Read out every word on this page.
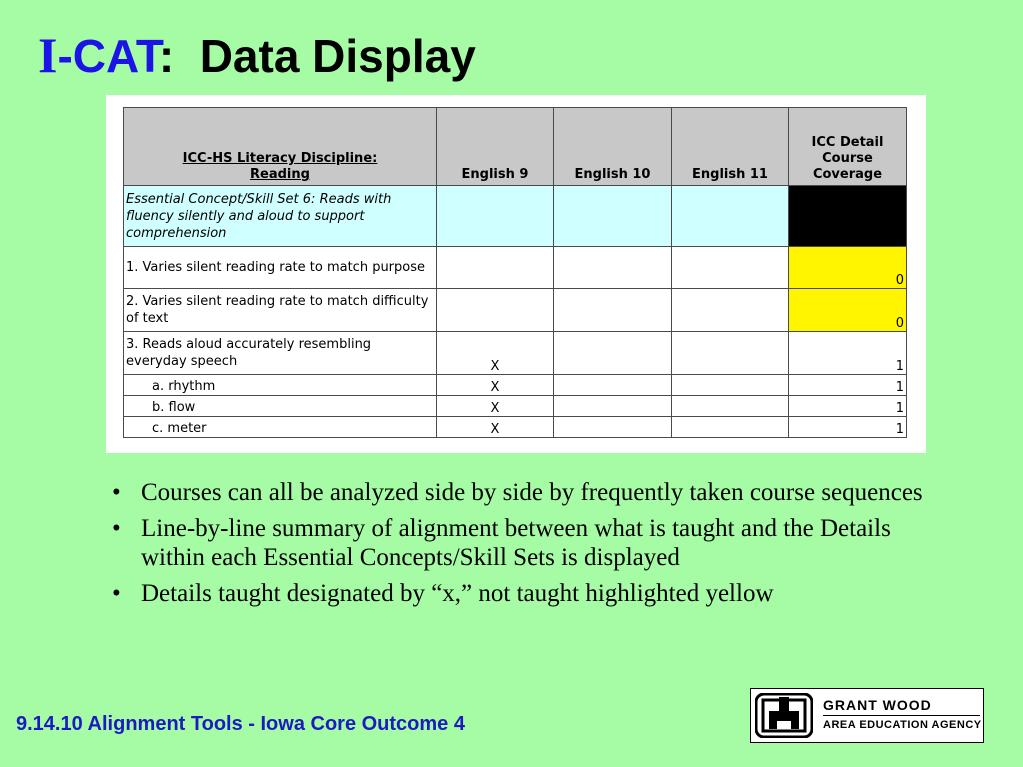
I-CAT:  Data Display
ICC-HS Literacy Discipline:
Reading	English 9	English 10	English 11	ICC Detail
Course
Coverage
Essential Concept/Skill Set 6: Reads with fluency silently and aloud to support comprehension				
1. Varies silent reading rate to match purpose				0
2. Varies silent reading rate to match difficulty of text				0
3. Reads aloud accurately resembling everyday speech	X			1
a. rhythm	X			1
b. flow	X			1
c. meter	X			1
• Courses can all be analyzed side by side by frequently taken course sequences
• Line-by-line summary of alignment between what is taught and the Details within each Essential Concepts/Skill Sets is displayed
• Details taught designated by “x,” not taught highlighted yellow
9.14.10 Alignment Tools - Iowa Core Outcome 4
GRANT WOOD
AREA EDUCATION AGENCY
